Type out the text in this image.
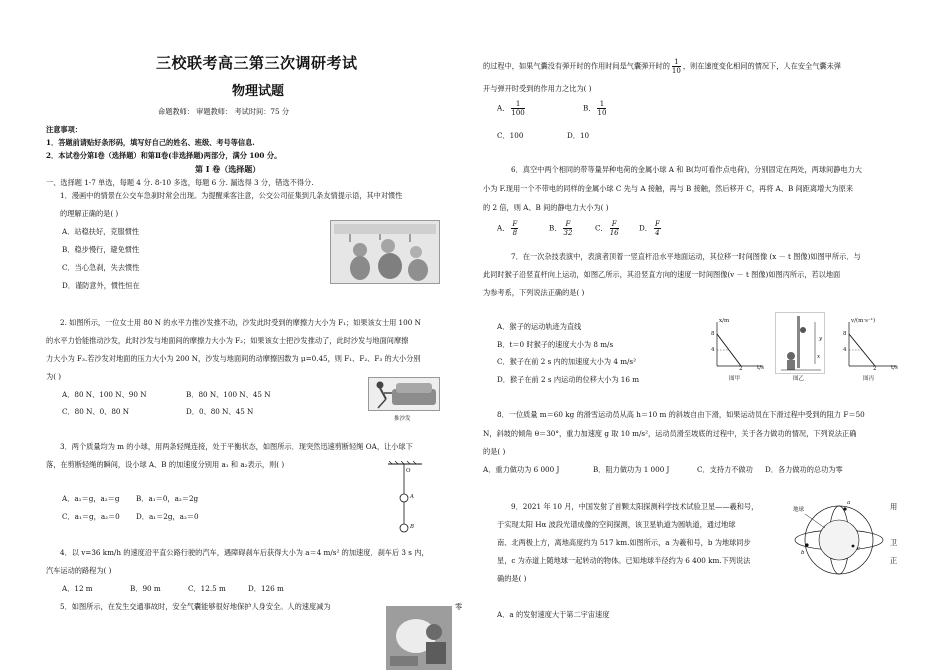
三校联考高三第三次调研考试
物理试题
命题教师： 审题教师： 考试时间：75 分
注意事项：
1．答题前请贴好条形码，填写好自己的姓名、班级、考号等信息.
2．本试卷分第Ⅰ卷（选择题）和第Ⅱ卷(非选择题)两部分，满分 100 分。
第 Ⅰ 卷（选择题）
一、选择题 1-7 单选，每题 4 分. 8-10 多选，每题 6 分. 漏选得 3 分，错选不得分.
1．漫画中的情景在公交车急刹时常会出现。为提醒乘客注意，公交公司征集到几条友情提示语，其中对惯性
的理解正确的是( )
A．站稳扶好，克服惯性
B．稳步慢行，避免惯性
C．当心急刹，失去惯性
D．谨防意外，惯性恒在
2. 如图所示，一位女士用 80 N 的水平力推沙发推不动，沙发此时受到的摩擦力大小为 F₁；如果该女士用 100 N
的水平力恰能推动沙发，此时沙发与地面间的摩擦力大小为 F₂；如果该女士把沙发推动了，此时沙发与地面间摩擦
力大小为 F₃.若沙发对地面的压力大小为 200 N，沙发与地面间的动摩擦因数为 μ=0.45，则 F₁、F₂、F₃ 的大小分别
为( )
A．80 N、100 N、90 N	B．80 N、100 N、45 N
C．80 N、0、80 N	D．0、80 N、45 N
推沙发
3．两个质量均为 m 的小球，用两条轻绳连接，处于平衡状态，如图所示．现突然迅速剪断轻绳 OA，让小球下
落，在剪断轻绳的瞬间，设小球 A、B 的加速度分别用 a₁ 和 a₂表示，则( )
A．a₁＝g，a₂＝g B．a₁＝0，a₂＝2g
C．a₁＝g，a₂＝0 D．a₁＝2g，a₂＝0
O
A
B
4．以 v=36 km/h 的速度沿平直公路行驶的汽车，遇障碍刹车后获得大小为 a＝4 m/s² 的加速度．刹车后 3 s 内，
汽车运动的路程为( )
A．12 m	B．90 m	C．12.5 m	D．126 m
5．如图所示，在发生交通事故时，安全气囊能够很好地保护人身安全。人的速度减为	零
的过程中，如果气囊没有弹开时的作用时间是气囊弹开时的 $\frac{1}{10}$ ，则在速度变化相同的情况下，人在安全气囊未弹
开与弹开时受到的作用力之比为( )
A． $\frac{1}{100}$	B． $\frac{1}{10}$
C．100	D．10
6．真空中两个相同的带等量异种电荷的金属小球 A 和 B(均可看作点电荷)，分别固定在两处，两球间静电力大
小为 F.现用一个不带电的同样的金属小球 C 先与 A 接触，再与 B 接触，然后移开 C，再将 A、B 间距离增大为原来
的 2 倍，则 A、B 间的静电力大小为( )
A． $\frac{F}{8}$	B． $\frac{F}{32}$	C． $\frac{F}{16}$	D． $\frac{F}{4}$
7．在一次杂技表演中，表演者顶着一竖直杆沿水平地面运动，其位移一时间图像 (x － t 图像)如图甲所示．与
此同时猴子沿竖直杆向上运动，如图乙所示，其沿竖直方向的速度一时间图像(v － t 图像)如图丙所示，若以地面
为参考系，下列说法正确的是( )
A．猴子的运动轨迹为直线
B．t＝0 时猴子的速度大小为 8 m/s
C．猴子在前 2 s 内的加速度大小为 4 m/s²
D．猴子在前 2 s 内运动的位移大小为 16 m
x/m
t/s
8
4
2
图甲
x
y
图乙
v/(m·s⁻¹)
t/s
8
4
2
图丙
8．一位质量 m＝60 kg 的滑雪运动员从高 h＝10 m 的斜坡自由下滑，如果运动员在下滑过程中受到的阻力 F＝50
N，斜坡的倾角 θ＝30°，重力加速度 g 取 10 m/s²，运动员滑至坡底的过程中，关于各力做功的情况，下列说法正确
的是( )
A．重力做功为 6 000 J	B．阻力做功为 1 000 J	C．支持力不做功 D．各力做功的总功为零
9．2021 年 10 月，中国发射了首颗太阳探测科学技术试验卫星——羲和号，	用
于实现太阳 Hα 波段光谱成像的空间探测，该卫星轨道为圆轨道，通过地球
南、北两极上方，离地高度约为 517 km.如图所示，a 为羲和号，b 为地球同步	卫
星，c 为赤道上随地球一起转动的物体。已知地球半径约为 6 400 km.下列说法	正
确的是( )
A．a 的发射速度大于第二宇宙速度
地球
a
b
c
